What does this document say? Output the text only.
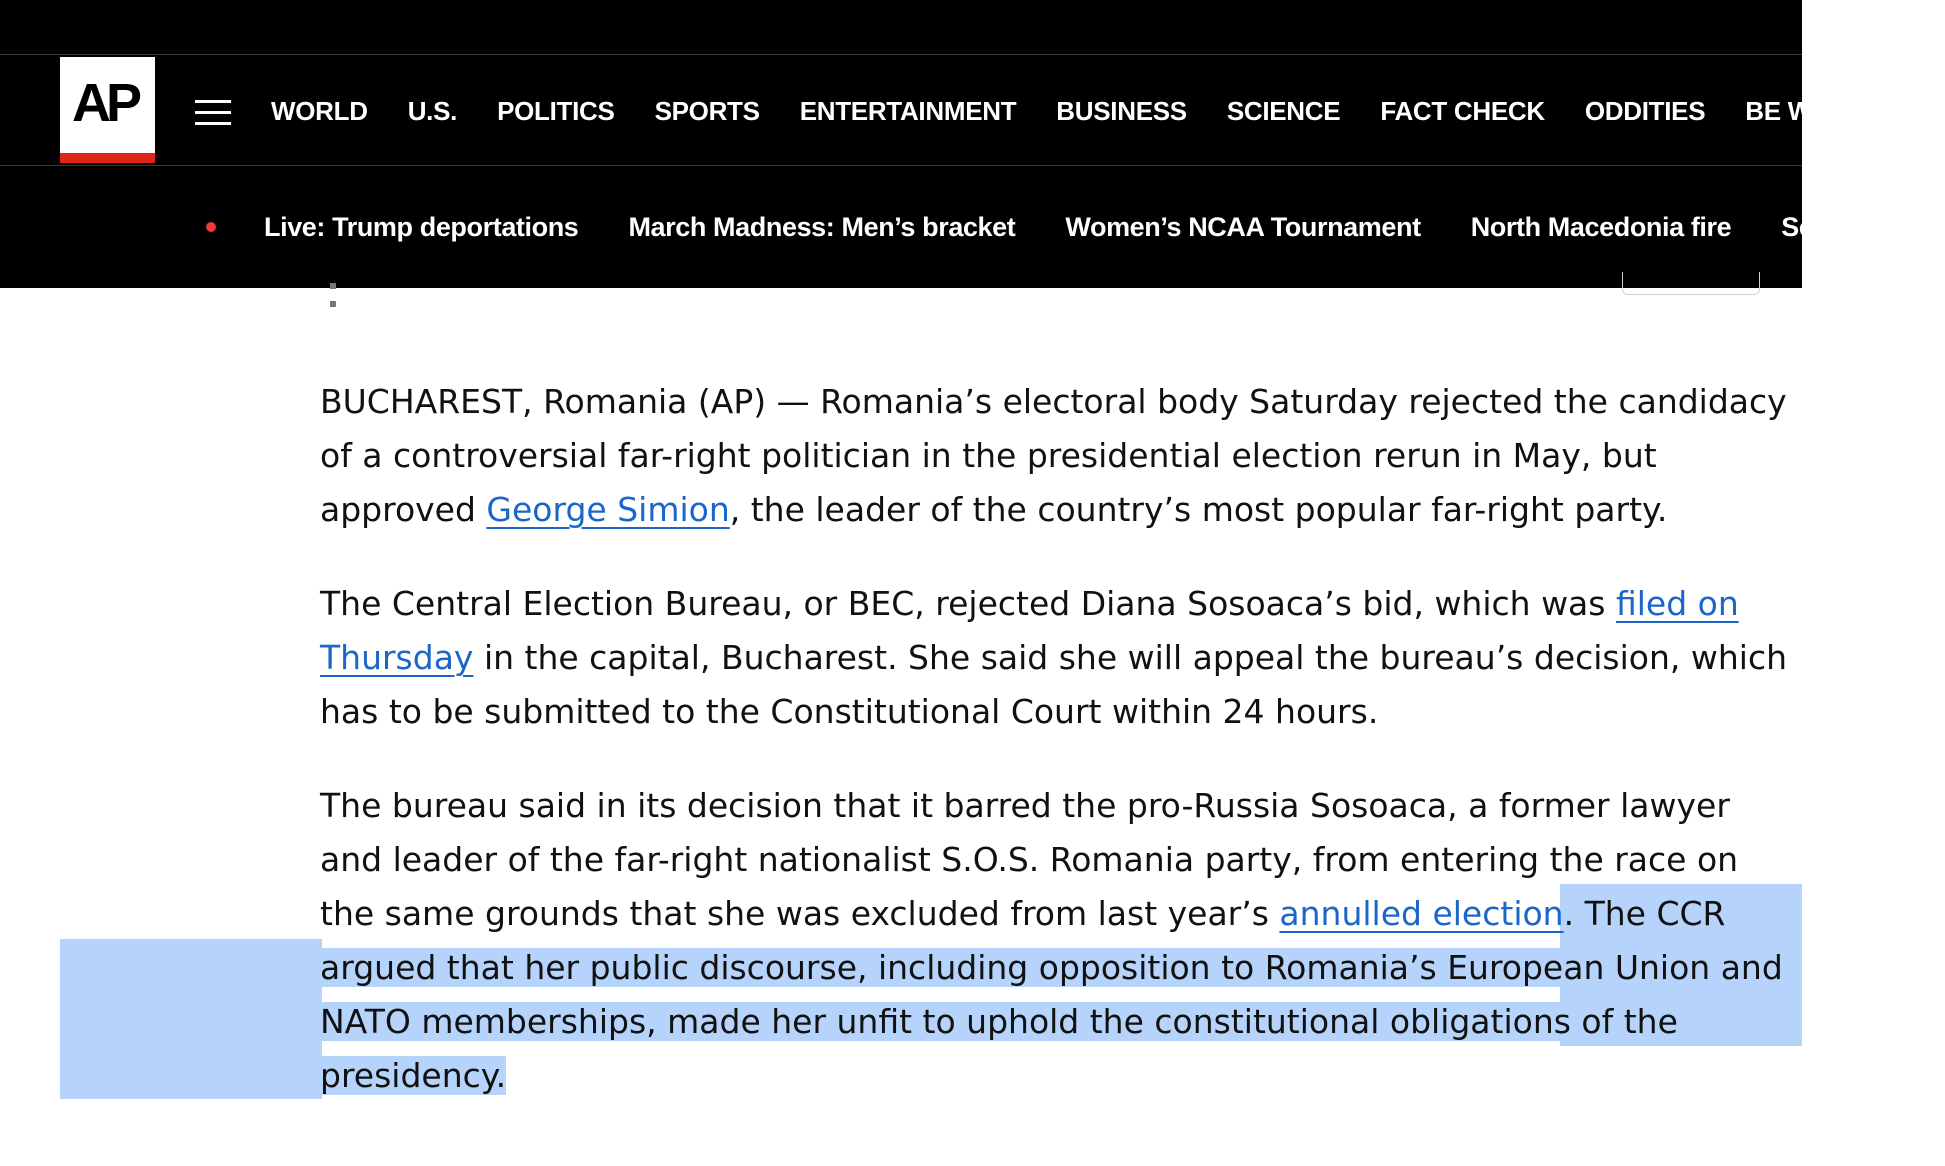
AP	WORLD U.S. POLITICS SPORTS ENTERTAINMENT BUSINESS SCIENCE FACT CHECK ODDITIES BE WELL
Live: Trump deportations March Madness: Men’s bracket Women’s NCAA Tournament North Macedonia fire Severe w

BUCHAREST, Romania (AP) — Romania’s electoral body Saturday rejected the candidacy of a controversial far-right politician in the presidential election rerun in May, but approved George Simion, the leader of the country’s most popular far-right party.

The Central Election Bureau, or BEC, rejected Diana Sosoaca’s bid, which was filed on Thursday in the capital, Bucharest. She said she will appeal the bureau’s decision, which has to be submitted to the Constitutional Court within 24 hours.

The bureau said in its decision that it barred the pro-Russia Sosoaca, a former lawyer and leader of the far-right nationalist S.O.S. Romania party, from entering the race on the same grounds that she was excluded from last year’s annulled election. The CCR argued that her public discourse, including opposition to Romania’s European Union and NATO memberships, made her unfit to uphold the constitutional obligations of the presidency.
